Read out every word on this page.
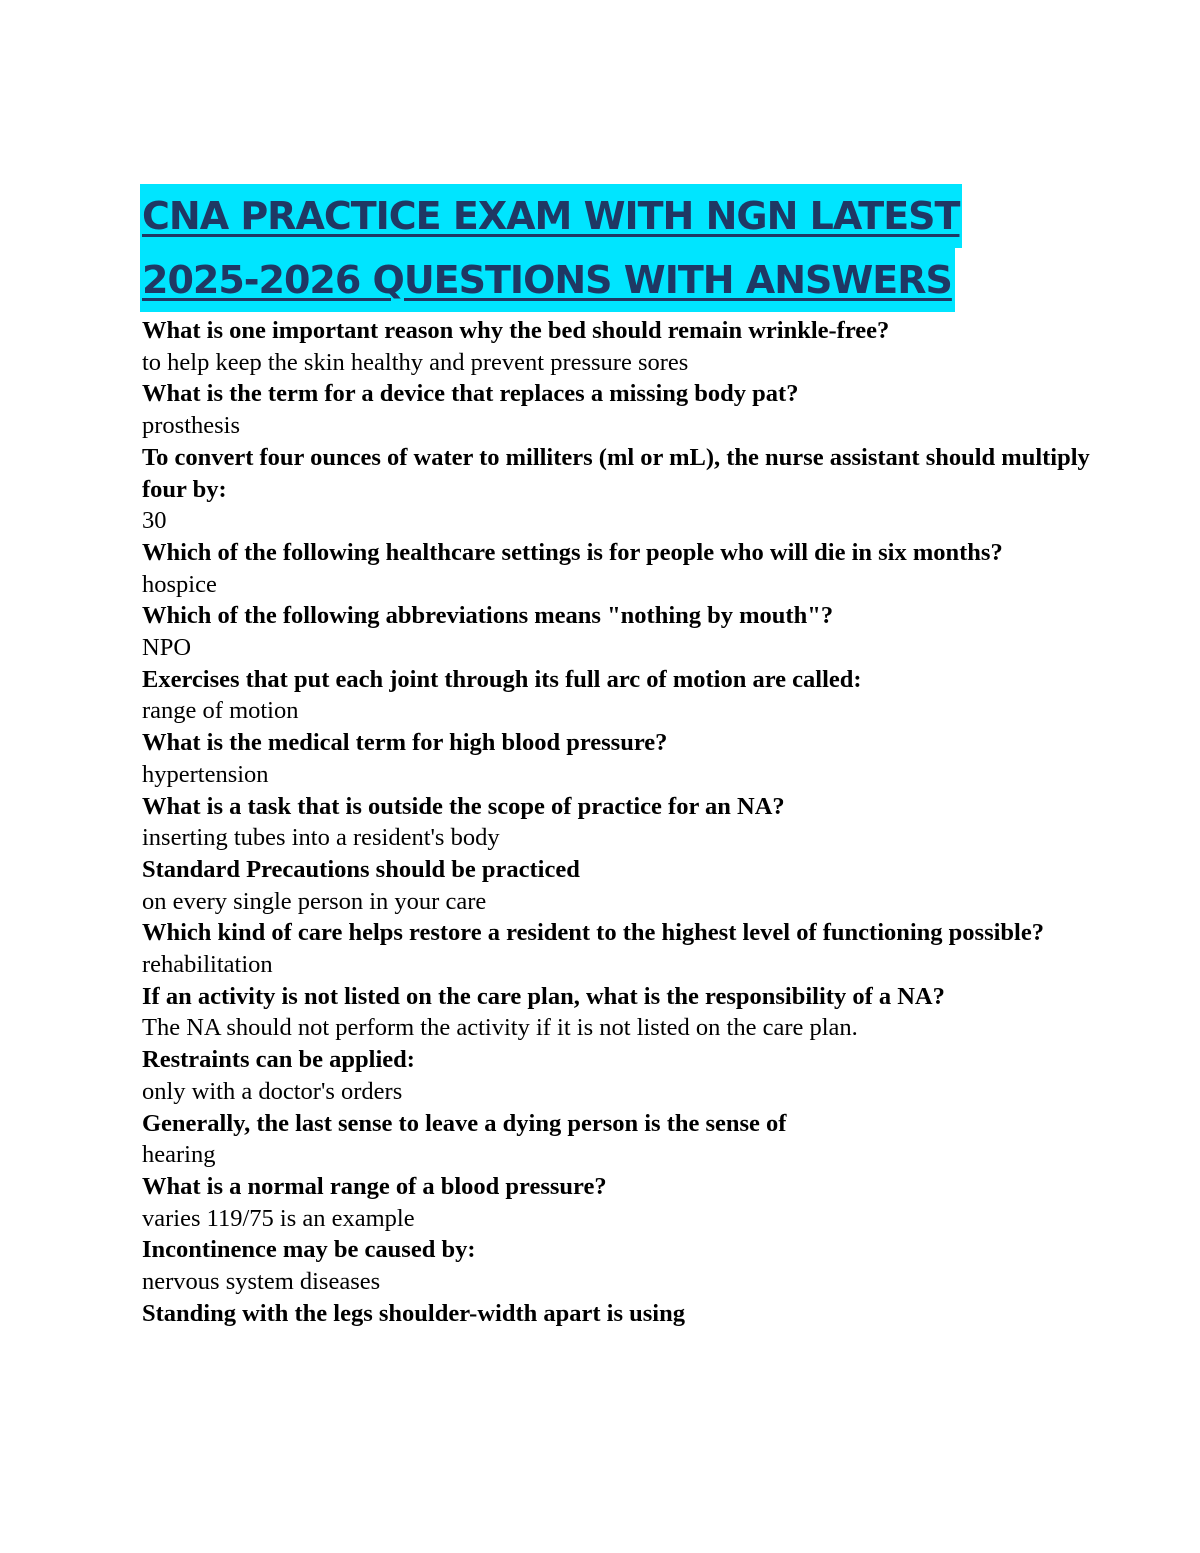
CNA PRACTICE EXAM WITH NGN LATEST
2025-2026 QUESTIONS WITH ANSWERS

What is one important reason why the bed should remain wrinkle-free?

to help keep the skin healthy and prevent pressure sores

What is the term for a device that replaces a missing body pat?

prosthesis

To convert four ounces of water to milliters (ml or mL), the nurse assistant should multiply four by:

30

Which of the following healthcare settings is for people who will die in six months?

hospice

Which of the following abbreviations means "nothing by mouth"?

NPO

Exercises that put each joint through its full arc of motion are called:

range of motion

What is the medical term for high blood pressure?

hypertension

What is a task that is outside the scope of practice for an NA?

inserting tubes into a resident's body

Standard Precautions should be practiced

on every single person in your care

Which kind of care helps restore a resident to the highest level of functioning possible?

rehabilitation

If an activity is not listed on the care plan, what is the responsibility of a NA?

The NA should not perform the activity if it is not listed on the care plan.

Restraints can be applied:

only with a doctor's orders

Generally, the last sense to leave a dying person is the sense of

hearing

What is a normal range of a blood pressure?

varies 119/75 is an example

Incontinence may be caused by:

nervous system diseases

Standing with the legs shoulder-width apart is using
